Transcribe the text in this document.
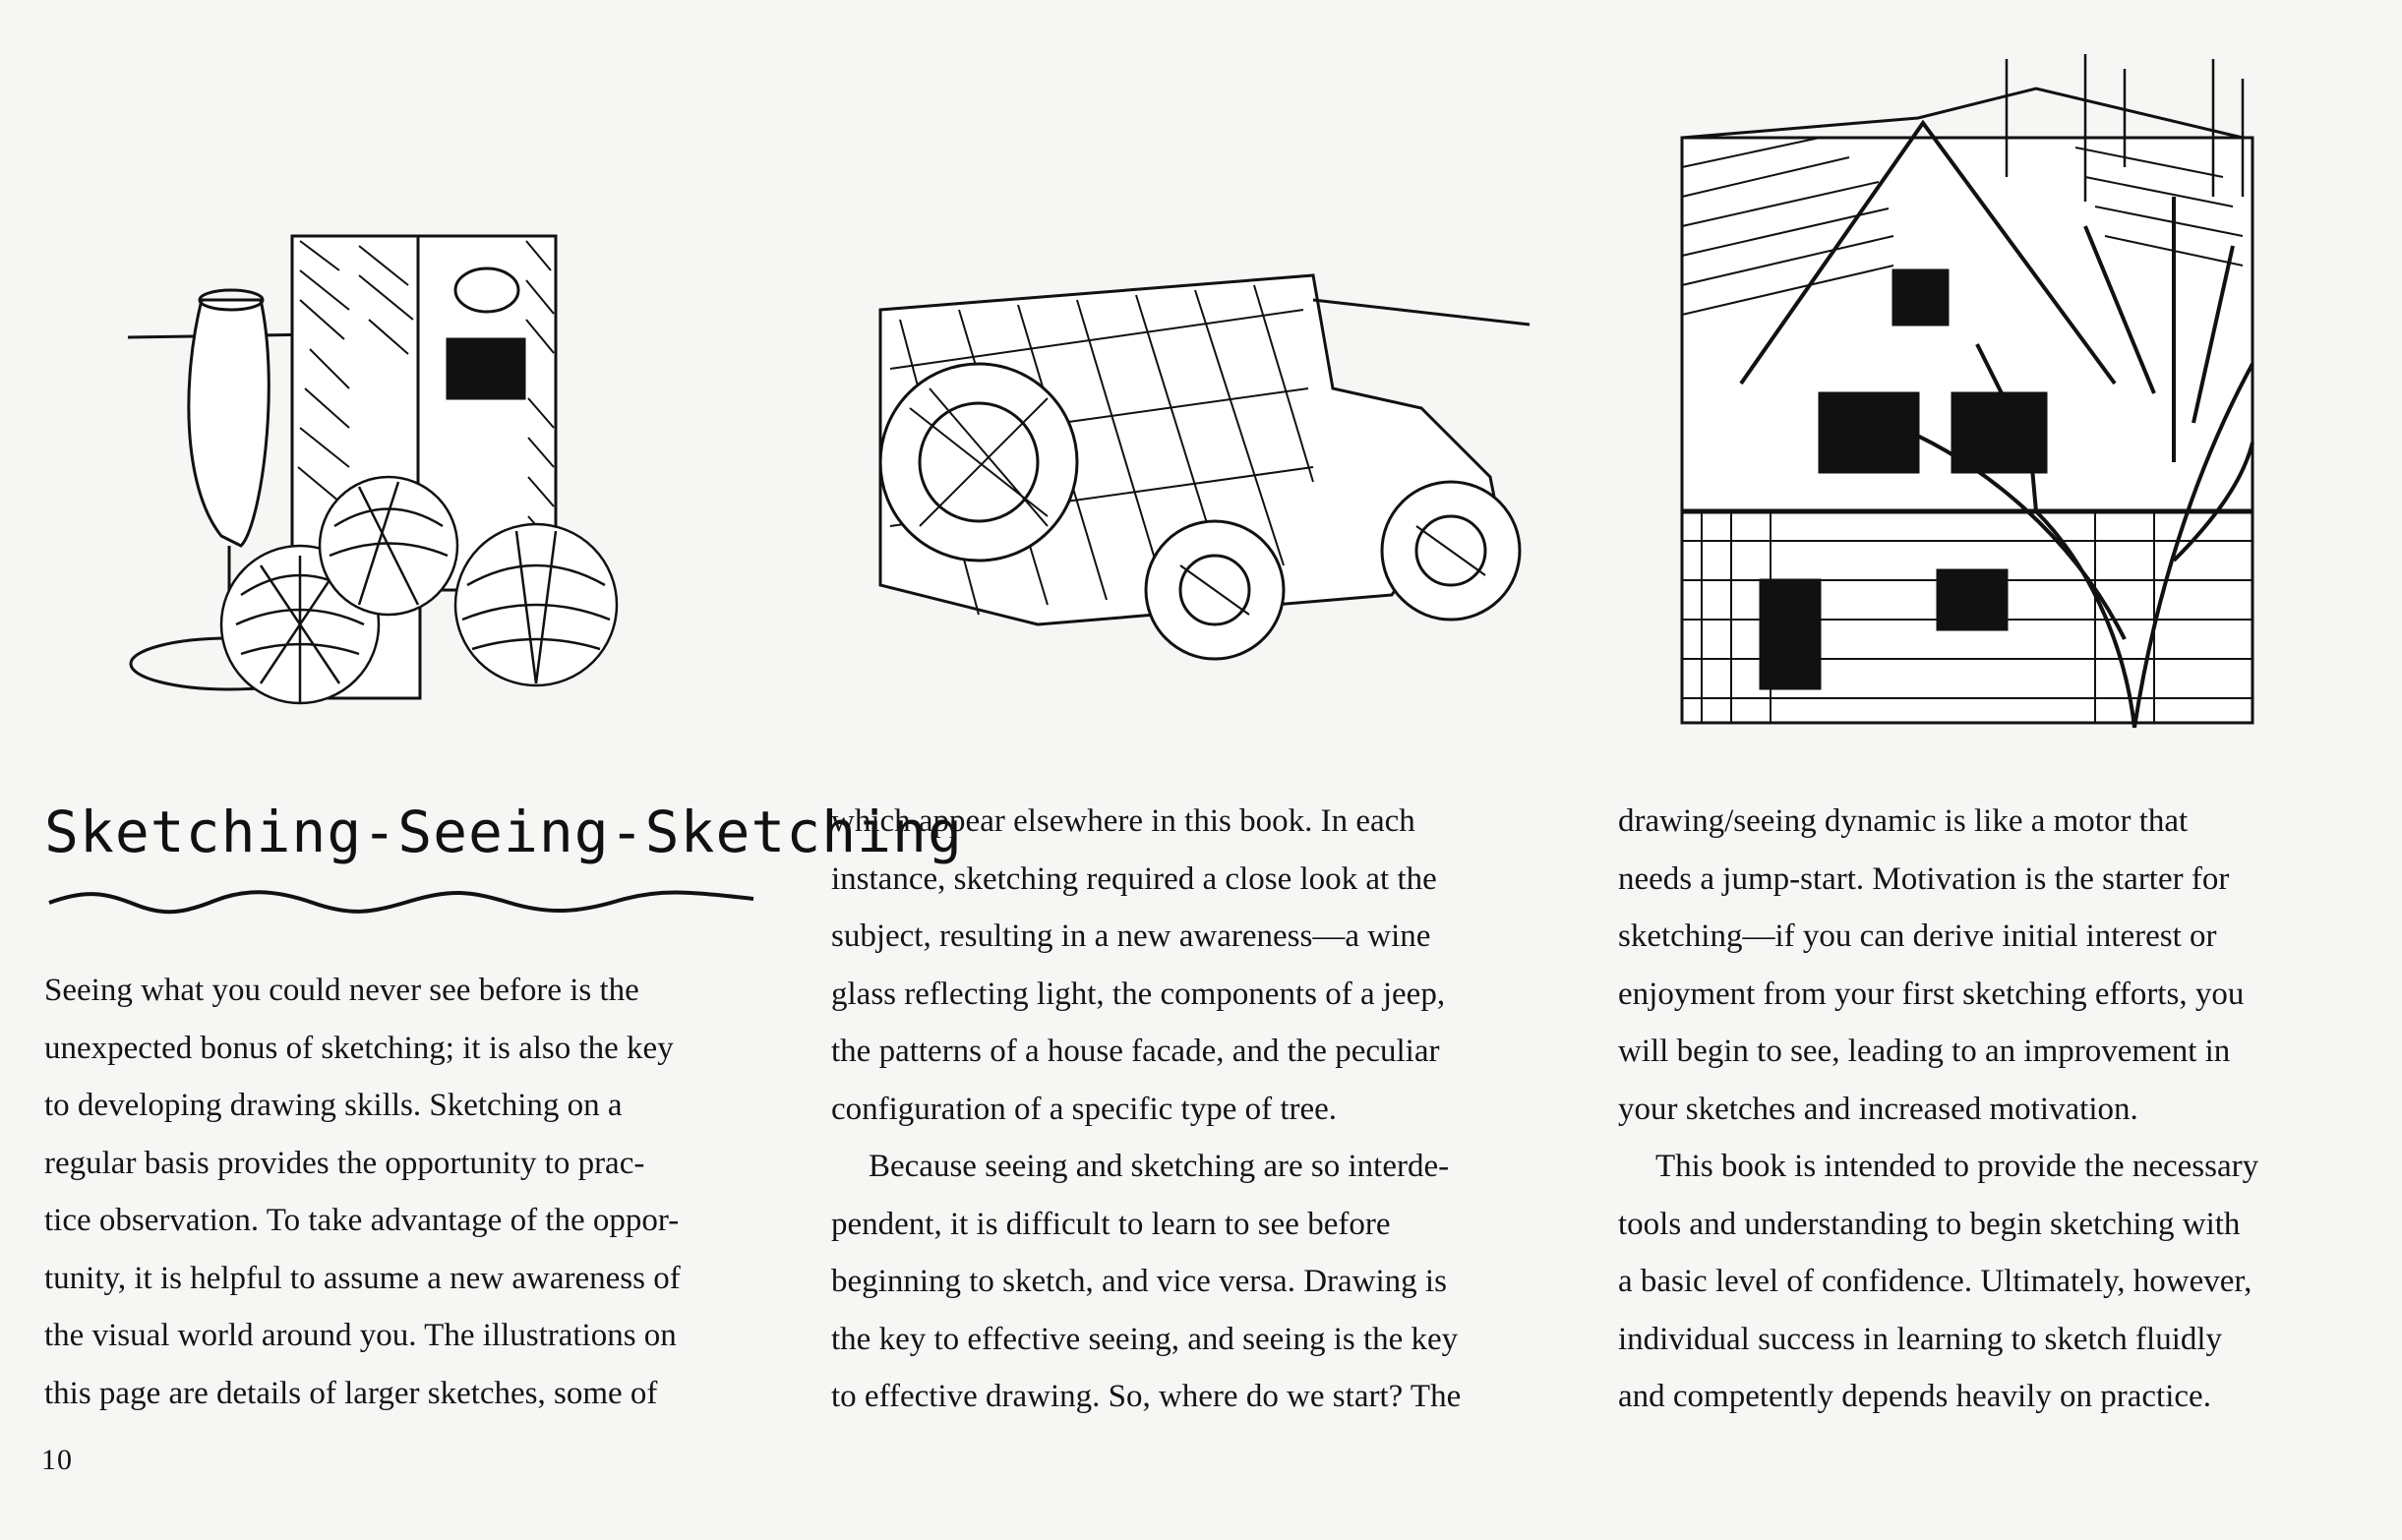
Sketching-Seeing-Sketching

Seeing what you could never see before is the

unexpected bonus of sketching; it is also the key

to developing drawing skills. Sketching on a

regular basis provides the opportunity to prac-

tice observation. To take advantage of the oppor-

tunity, it is helpful to assume a new awareness of

the visual world around you. The illustrations on

this page are details of larger sketches, some of

which appear elsewhere in this book. In each

instance, sketching required a close look at the

subject, resulting in a new awareness—a wine

glass reflecting light, the components of a jeep,

the patterns of a house facade, and the peculiar

configuration of a specific type of tree.

Because seeing and sketching are so interde-

pendent, it is difficult to learn to see before

beginning to sketch, and vice versa. Drawing is

the key to effective seeing, and seeing is the key

to effective drawing. So, where do we start? The

drawing/seeing dynamic is like a motor that

needs a jump-start. Motivation is the starter for

sketching—if you can derive initial interest or

enjoyment from your first sketching efforts, you

will begin to see, leading to an improvement in

your sketches and increased motivation.

This book is intended to provide the necessary

tools and understanding to begin sketching with

a basic level of confidence. Ultimately, however,

individual success in learning to sketch fluidly

and competently depends heavily on practice.

10
